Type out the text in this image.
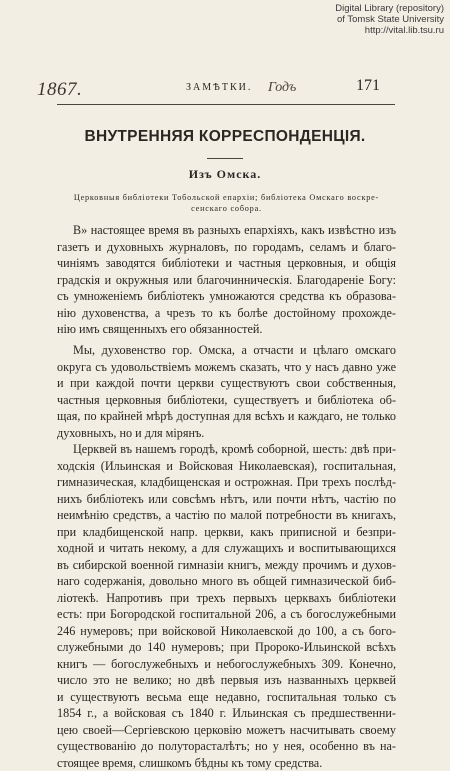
Digital Library (repository)
of Tomsk State University
http://vital.lib.tsu.ru
1867.	ЗАМѢТКИ. Годъ	171
ВНУТРЕННЯЯ КОРРЕСПОНДЕНЦІЯ.
Изъ Омска.
Церковныя библіотеки Тобольской епархіи; библіотека Омскаго воскре-
сенскаго собора.
В» настоящее время въ разныхъ епархіяхъ, какъ извѣстно изъ
газетъ и духовныхъ журналовъ, по городамъ, селамъ и благо-
чиніямъ заводятся библіотеки и частныя церковныя, и общія
градскія и окружныя или благочинническія. Благодареніе Богу:
съ умноженіемъ библіотекъ умножаются средства къ образова-
нію духовенства, а чрезъ то къ болѣе достойному прохожде-
нію имъ священныхъ его обязанностей.
Мы, духовенство гор. Омска, а отчасти и цѣлаго омскаго
округа съ удовольствіемъ можемъ сказать, что у насъ давно уже
и при каждой почти церкви существуютъ свои собственныя,
частныя церковныя библіотеки, существуетъ и библіотека об-
щая, по крайней мѣрѣ доступная для всѣхъ и каждаго, не только
духовныхъ, но и для мірянъ.
Церквей въ нашемъ городѣ, кромѣ соборной, шесть: двѣ при-
ходскія (Ильинская и Войсковая Николаевская), госпитальная,
гимназическая, кладбищенская и острожная. При трехъ послѣд-
нихъ библіотекъ или совсѣмъ нѣтъ, или почти нѣтъ, частію по
неимѣнію средствъ, а частію по малой потребности въ книгахъ,
при кладбищенской напр. церкви, какъ приписной и безпри-
ходной и читать некому, а для служащихъ и воспитывающихся
въ сибирской военной гимназіи книгъ, между прочимъ и духов-
наго содержанія, довольно много въ общей гимназической биб-
ліотекѣ. Напротивъ при трехъ первыхъ церквахъ библіотеки
есть: при Богородской госпитальной 206, а съ богослужебными
246 нумеровъ; при войсковой Николаевской до 100, а съ бого-
служебными до 140 нумеровъ; при Пророко-Ильинской всѣхъ
книгъ — богослужебныхъ и небогослужебныхъ 309. Конечно,
число это не велико; но двѣ первыя изъ названныхъ церквей
и существуютъ весьма еще недавно, госпитальная только съ
1854 г., а войсковая съ 1840 г. Ильинская съ предшественни-
цею своей—Сергіевскою церковію можетъ насчитывать своему
существованію до полуторасталѣтъ; но у нея, особенно въ на-
стоящее время, слишкомъ бѣдны къ тому средства.
